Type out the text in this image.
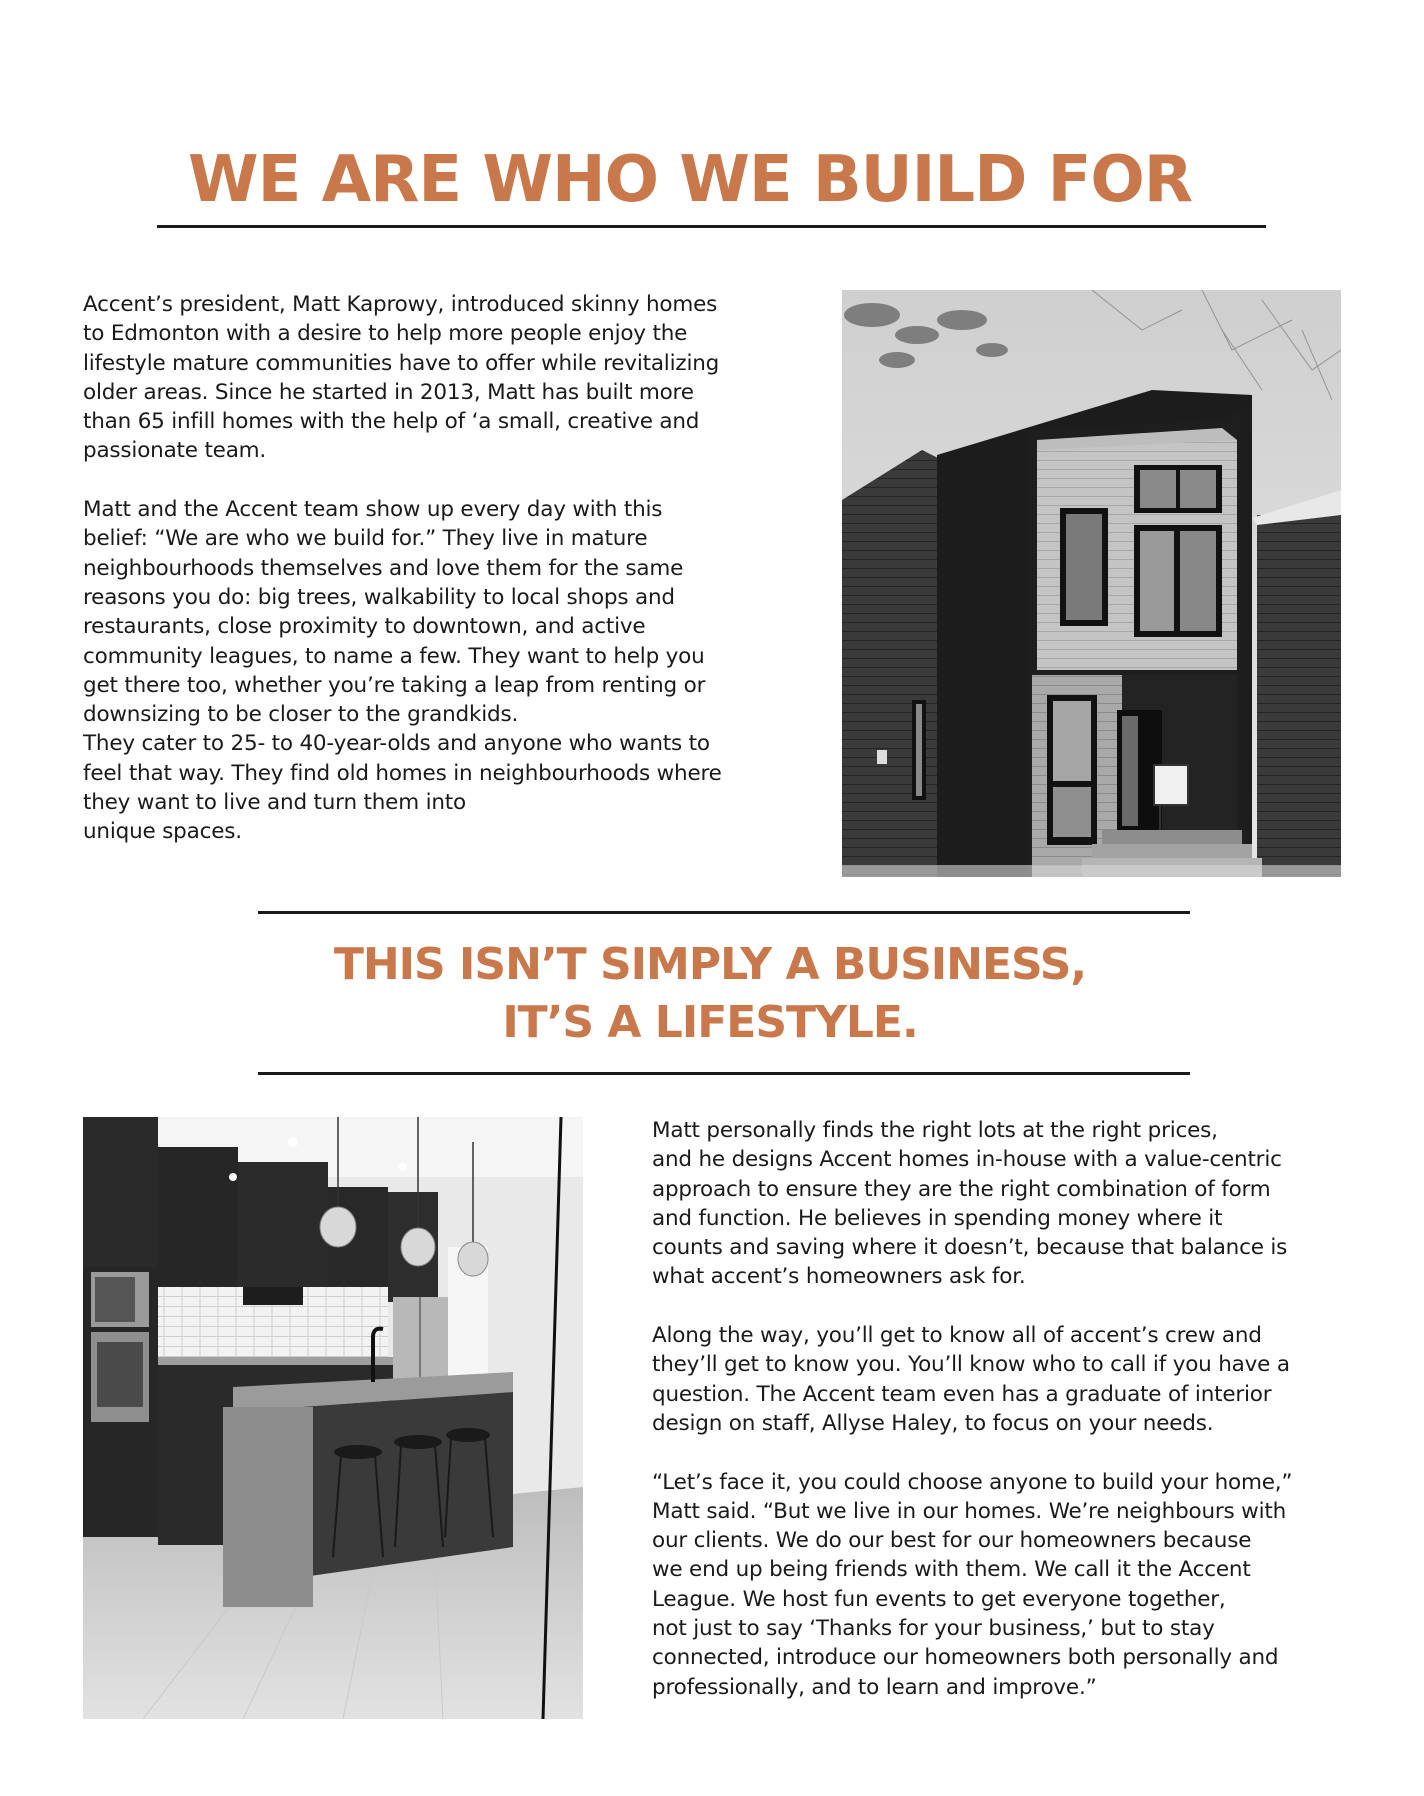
WE ARE WHO WE BUILD FOR

Accent’s president, Matt Kaprowy, introduced skinny homes
to Edmonton with a desire to help more people enjoy the
lifestyle mature communities have to offer while revitalizing
older areas. Since he started in 2013, Matt has built more
than 65 infill homes with the help of ‘a small, creative and
passionate team.

Matt and the Accent team show up every day with this
belief: “We are who we build for.” They live in mature
neighbourhoods themselves and love them for the same
reasons you do: big trees, walkability to local shops and
restaurants, close proximity to downtown, and active
community leagues, to name a few. They want to help you
get there too, whether you’re taking a leap from renting or
downsizing to be closer to the grandkids.

They cater to 25- to 40-year-olds and anyone who wants to
feel that way. They find old homes in neighbourhoods where
they want to live and turn them into
unique spaces.

THIS ISN’T SIMPLY A BUSINESS,
IT’S A LIFESTYLE.

Matt personally finds the right lots at the right prices,
and he designs Accent homes in-house with a value-centric
approach to ensure they are the right combination of form
and function. He believes in spending money where it
counts and saving where it doesn’t, because that balance is
what accent’s homeowners ask for.

Along the way, you’ll get to know all of accent’s crew and
they’ll get to know you. You’ll know who to call if you have a
question. The Accent team even has a graduate of interior
design on staff, Allyse Haley, to focus on your needs.

“Let’s face it, you could choose anyone to build your home,”
Matt said. “But we live in our homes. We’re neighbours with
our clients. We do our best for our homeowners because
we end up being friends with them. We call it the Accent
League. We host fun events to get everyone together,
not just to say ‘Thanks for your business,’ but to stay
connected, introduce our homeowners both personally and
professionally, and to learn and improve.”
